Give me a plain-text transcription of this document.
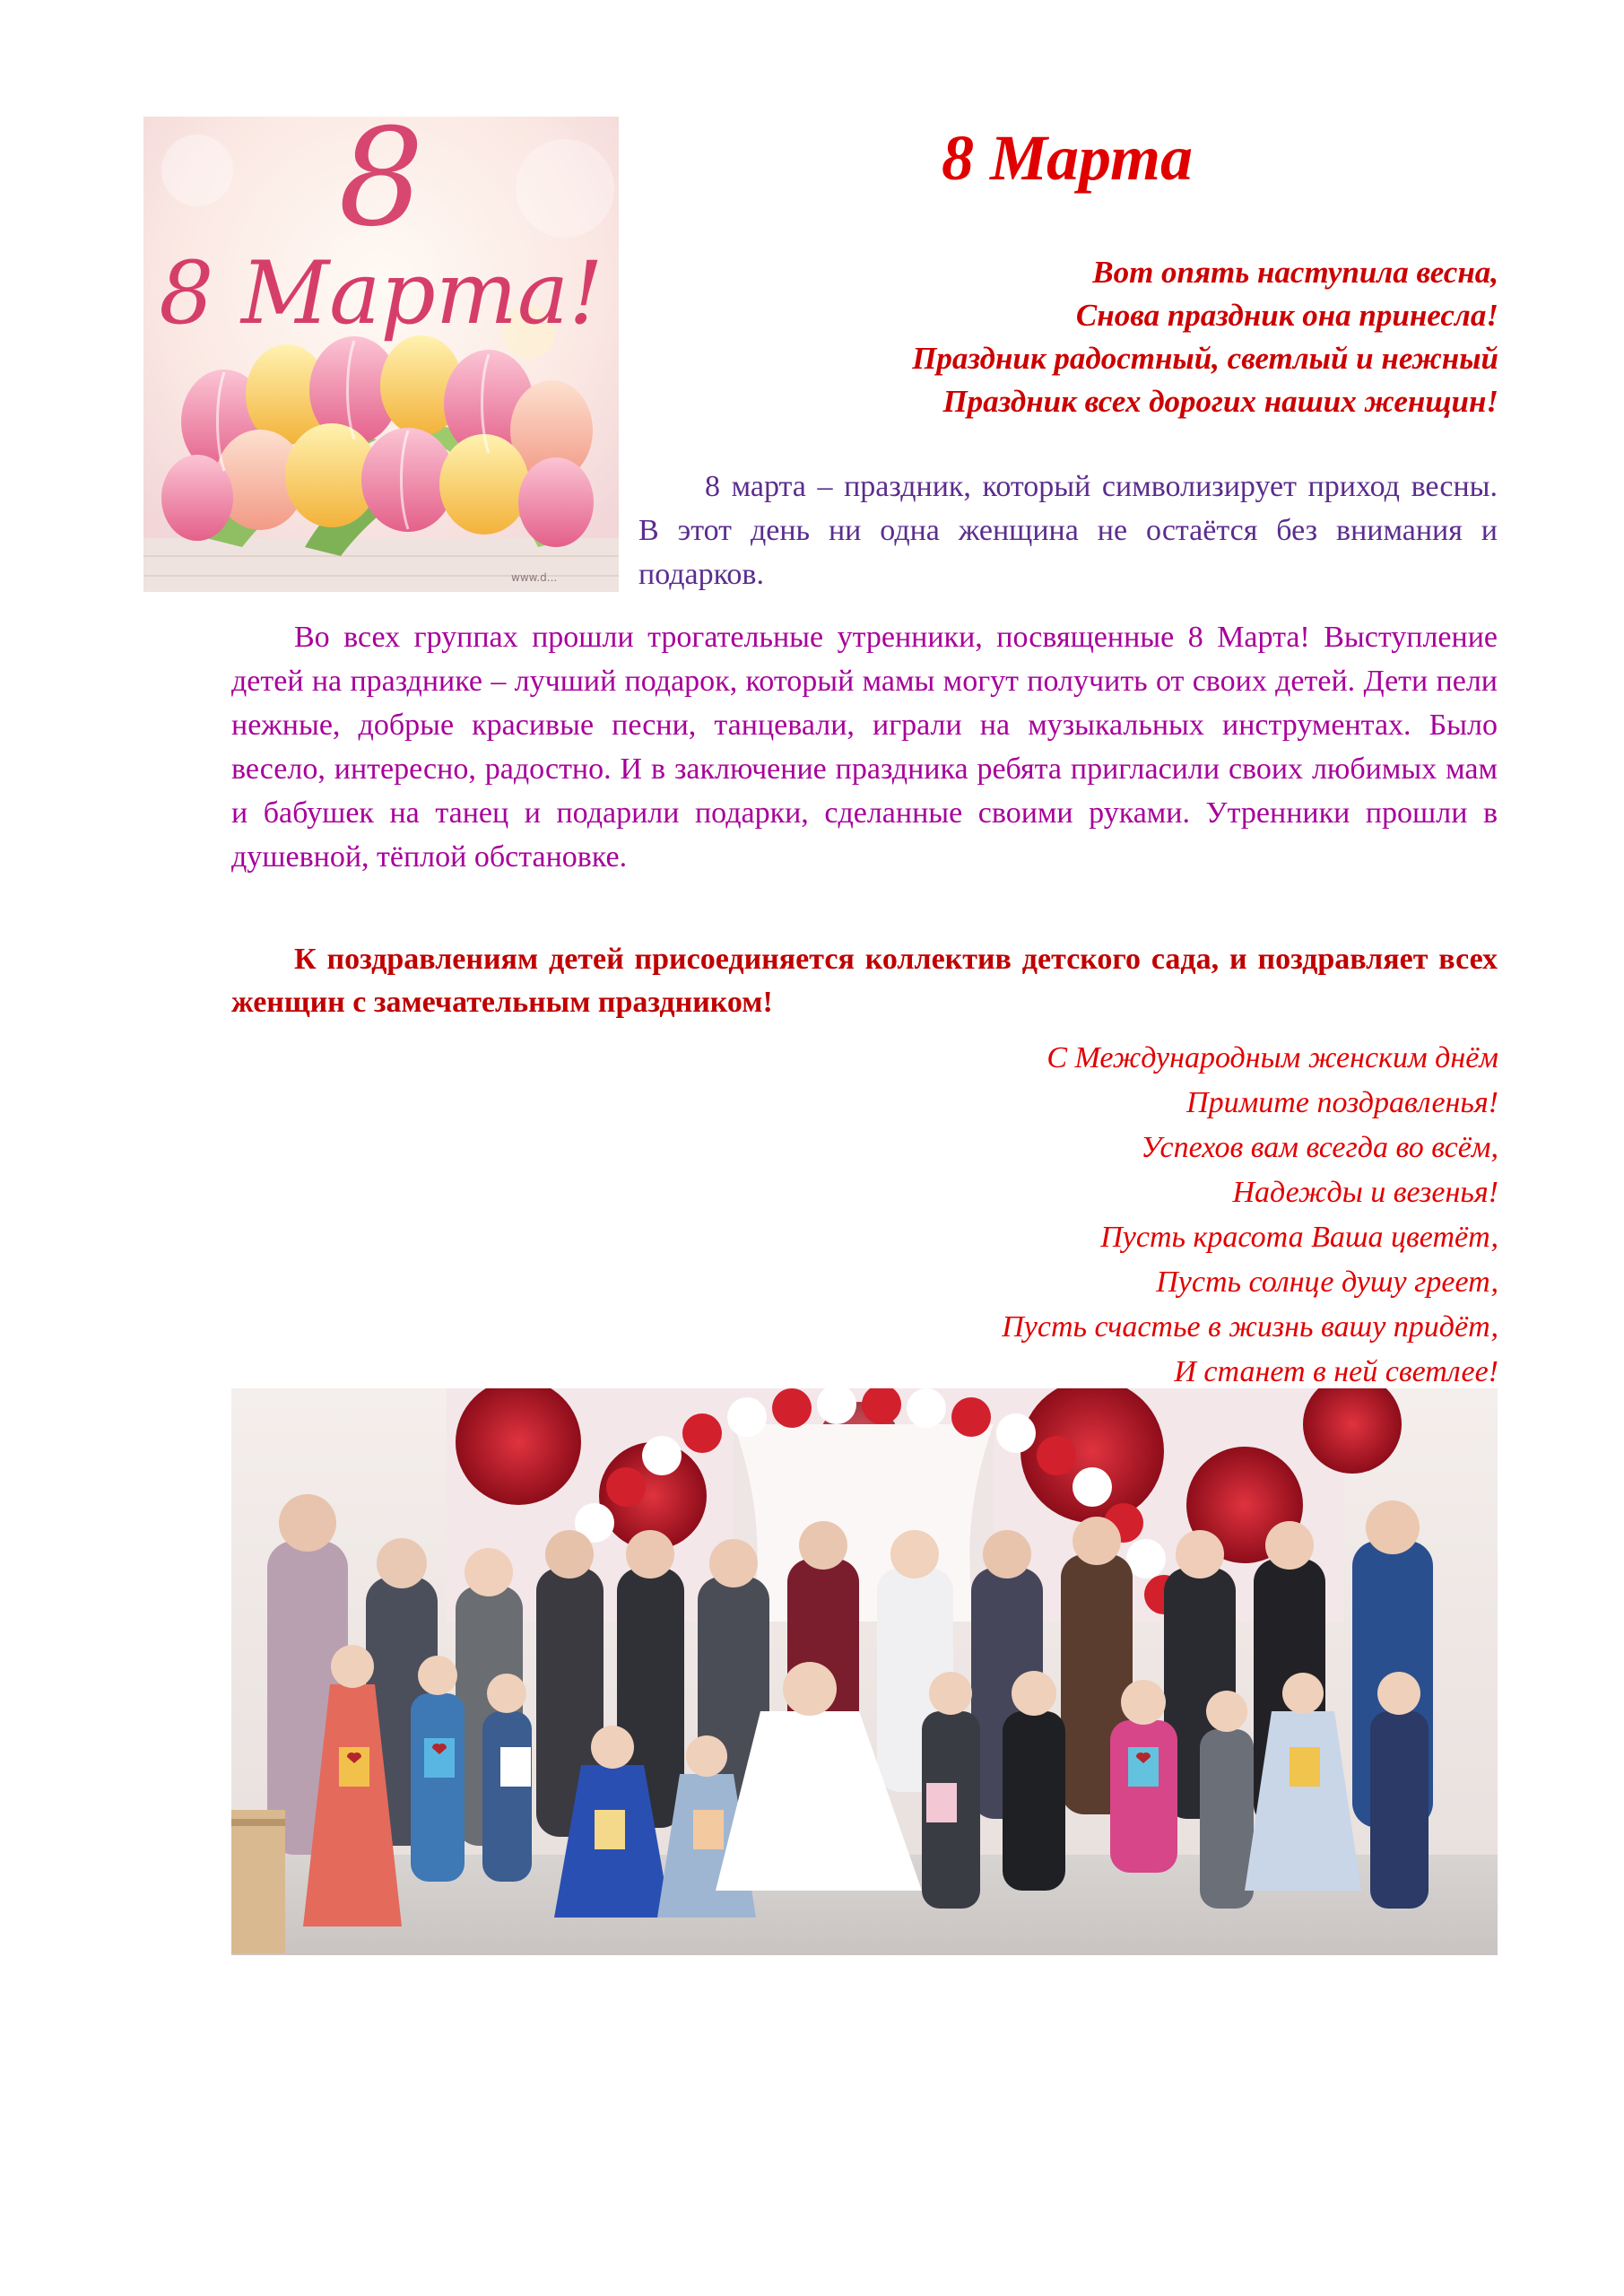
8
8 Марта!
www.d...
8 Марта
Вот опять наступила весна,
Снова праздник она принесла!
Праздник радостный, светлый и нежный
Праздник всех дорогих наших женщин!

8 марта – праздник, который символизирует приход весны. В этот день ни одна женщина не остаётся без внимания и подарков.

Во всех группах прошли трогательные утренники, посвященные 8 Марта! Выступление детей на празднике – лучший подарок, который мамы могут получить от своих детей. Дети пели нежные, добрые красивые песни, танцевали, играли на музыкальных инструментах. Было весело, интересно, радостно. И в заключение праздника ребята пригласили своих любимых мам и бабушек на танец и подарили подарки, сделанные своими руками. Утренники прошли в душевной, тёплой обстановке.

К поздравлениям детей присоединяется коллектив детского сада, и поздравляет всех женщин с замечательным праздником!

С Международным женским днём
Примите поздравленья!
Успехов вам всегда во всём,
Надежды и везенья!
Пусть красота Ваша цветёт,
Пусть солнце душу греет,
Пусть счастье в жизнь вашу придёт,
И станет в ней светлее!
